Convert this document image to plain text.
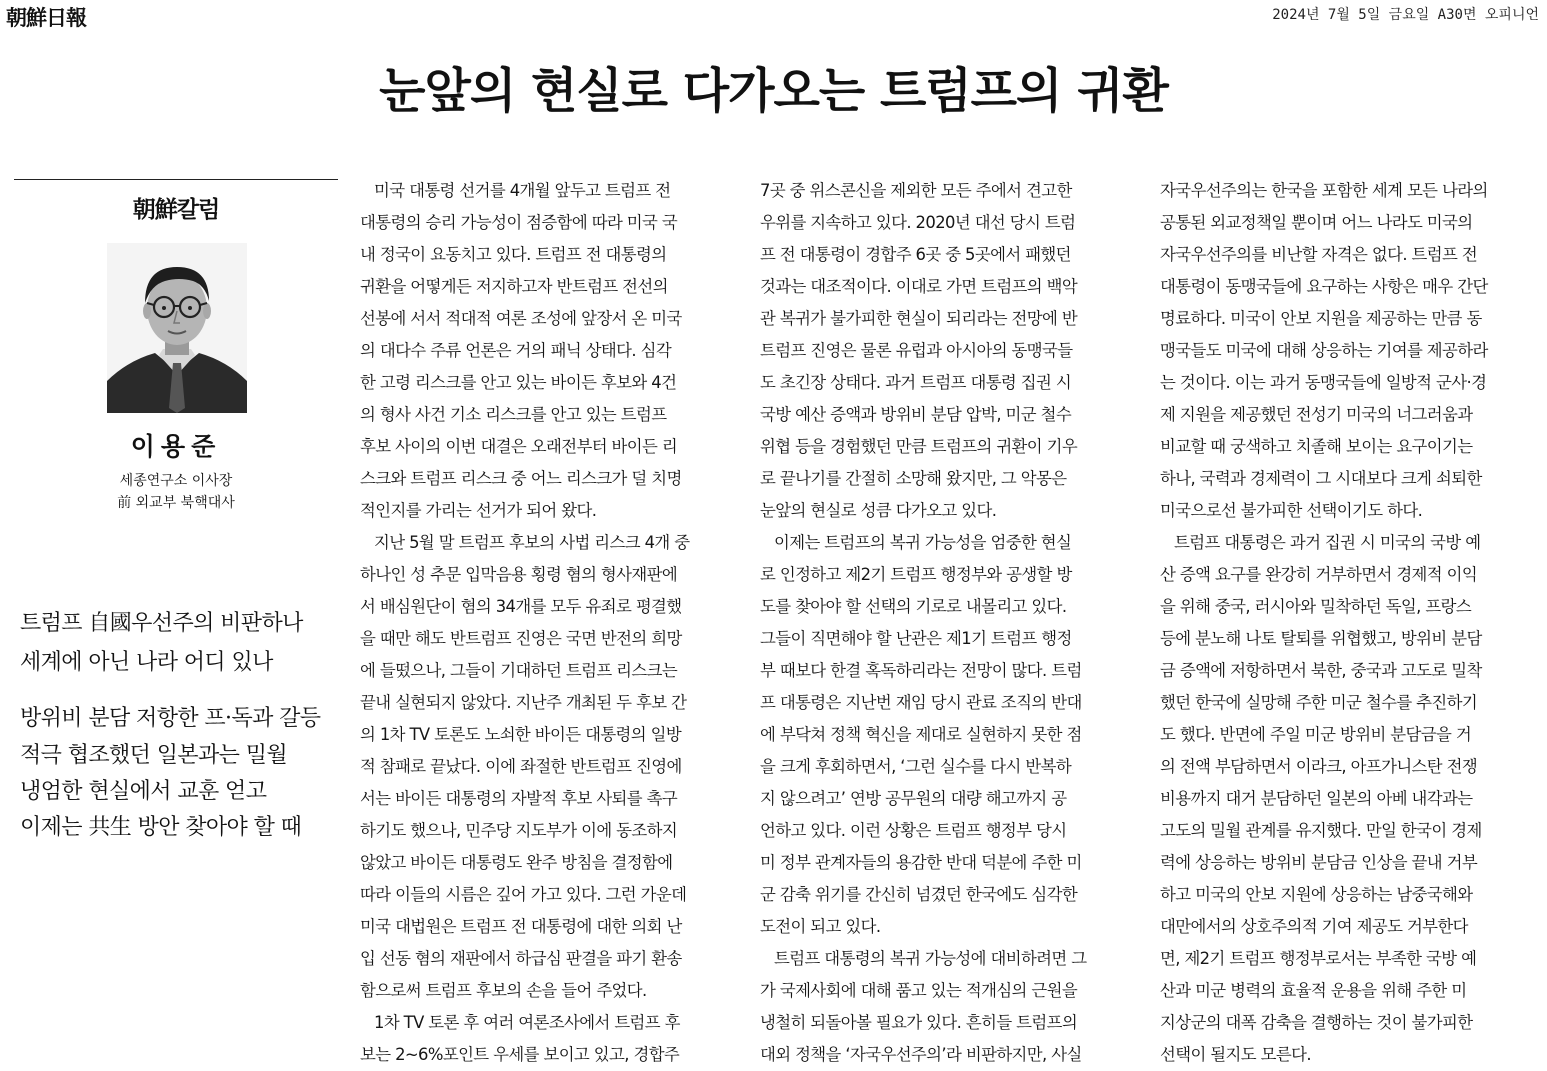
朝鮮日報	2024년 7월 5일 금요일 A30면 오피니언
눈앞의 현실로 다가오는 트럼프의 귀환
朝鮮칼럼
이용준
세종연구소 이사장
前 외교부 북핵대사
트럼프 自國우선주의 비판하나
세계에 아닌 나라 어디 있나
방위비 분담 저항한 프·독과 갈등
적극 협조했던 일본과는 밀월
냉엄한 현실에서 교훈 얻고
이제는 共生 방안 찾아야 할 때
미국 대통령 선거를 4개월 앞두고 트럼프 전
대통령의 승리 가능성이 점증함에 따라 미국 국
내 정국이 요동치고 있다. 트럼프 전 대통령의
귀환을 어떻게든 저지하고자 반트럼프 전선의
선봉에 서서 적대적 여론 조성에 앞장서 온 미국
의 대다수 주류 언론은 거의 패닉 상태다. 심각
한 고령 리스크를 안고 있는 바이든 후보와 4건
의 형사 사건 기소 리스크를 안고 있는 트럼프
후보 사이의 이번 대결은 오래전부터 바이든 리
스크와 트럼프 리스크 중 어느 리스크가 덜 치명
적인지를 가리는 선거가 되어 왔다.
지난 5월 말 트럼프 후보의 사법 리스크 4개 중
하나인 성 추문 입막음용 횡령 혐의 형사재판에
서 배심원단이 혐의 34개를 모두 유죄로 평결했
을 때만 해도 반트럼프 진영은 국면 반전의 희망
에 들떴으나, 그들이 기대하던 트럼프 리스크는
끝내 실현되지 않았다. 지난주 개최된 두 후보 간
의 1차 TV 토론도 노쇠한 바이든 대통령의 일방
적 참패로 끝났다. 이에 좌절한 반트럼프 진영에
서는 바이든 대통령의 자발적 후보 사퇴를 촉구
하기도 했으나, 민주당 지도부가 이에 동조하지
않았고 바이든 대통령도 완주 방침을 결정함에
따라 이들의 시름은 깊어 가고 있다. 그런 가운데
미국 대법원은 트럼프 전 대통령에 대한 의회 난
입 선동 혐의 재판에서 하급심 판결을 파기 환송
함으로써 트럼프 후보의 손을 들어 주었다.
1차 TV 토론 후 여러 여론조사에서 트럼프 후
보는 2~6%포인트 우세를 보이고 있고, 경합주
7곳 중 위스콘신을 제외한 모든 주에서 견고한
우위를 지속하고 있다. 2020년 대선 당시 트럼
프 전 대통령이 경합주 6곳 중 5곳에서 패했던
것과는 대조적이다. 이대로 가면 트럼프의 백악
관 복귀가 불가피한 현실이 되리라는 전망에 반
트럼프 진영은 물론 유럽과 아시아의 동맹국들
도 초긴장 상태다. 과거 트럼프 대통령 집권 시
국방 예산 증액과 방위비 분담 압박, 미군 철수
위협 등을 경험했던 만큼 트럼프의 귀환이 기우
로 끝나기를 간절히 소망해 왔지만, 그 악몽은
눈앞의 현실로 성큼 다가오고 있다.
이제는 트럼프의 복귀 가능성을 엄중한 현실
로 인정하고 제2기 트럼프 행정부와 공생할 방
도를 찾아야 할 선택의 기로로 내몰리고 있다.
그들이 직면해야 할 난관은 제1기 트럼프 행정
부 때보다 한결 혹독하리라는 전망이 많다. 트럼
프 대통령은 지난번 재임 당시 관료 조직의 반대
에 부닥쳐 정책 혁신을 제대로 실현하지 못한 점
을 크게 후회하면서, ‘그런 실수를 다시 반복하
지 않으려고’ 연방 공무원의 대량 해고까지 공
언하고 있다. 이런 상황은 트럼프 행정부 당시
미 정부 관계자들의 용감한 반대 덕분에 주한 미
군 감축 위기를 간신히 넘겼던 한국에도 심각한
도전이 되고 있다.
트럼프 대통령의 복귀 가능성에 대비하려면 그
가 국제사회에 대해 품고 있는 적개심의 근원을
냉철히 되돌아볼 필요가 있다. 흔히들 트럼프의
대외 정책을 ‘자국우선주의’라 비판하지만, 사실
자국우선주의는 한국을 포함한 세계 모든 나라의
공통된 외교정책일 뿐이며 어느 나라도 미국의
자국우선주의를 비난할 자격은 없다. 트럼프 전
대통령이 동맹국들에 요구하는 사항은 매우 간단
명료하다. 미국이 안보 지원을 제공하는 만큼 동
맹국들도 미국에 대해 상응하는 기여를 제공하라
는 것이다. 이는 과거 동맹국들에 일방적 군사·경
제 지원을 제공했던 전성기 미국의 너그러움과
비교할 때 궁색하고 치졸해 보이는 요구이기는
하나, 국력과 경제력이 그 시대보다 크게 쇠퇴한
미국으로선 불가피한 선택이기도 하다.
트럼프 대통령은 과거 집권 시 미국의 국방 예
산 증액 요구를 완강히 거부하면서 경제적 이익
을 위해 중국, 러시아와 밀착하던 독일, 프랑스
등에 분노해 나토 탈퇴를 위협했고, 방위비 분담
금 증액에 저항하면서 북한, 중국과 고도로 밀착
했던 한국에 실망해 주한 미군 철수를 추진하기
도 했다. 반면에 주일 미군 방위비 분담금을 거
의 전액 부담하면서 이라크, 아프가니스탄 전쟁
비용까지 대거 분담하던 일본의 아베 내각과는
고도의 밀월 관계를 유지했다. 만일 한국이 경제
력에 상응하는 방위비 분담금 인상을 끝내 거부
하고 미국의 안보 지원에 상응하는 남중국해와
대만에서의 상호주의적 기여 제공도 거부한다
면, 제2기 트럼프 행정부로서는 부족한 국방 예
산과 미군 병력의 효율적 운용을 위해 주한 미
지상군의 대폭 감축을 결행하는 것이 불가피한
선택이 될지도 모른다.
